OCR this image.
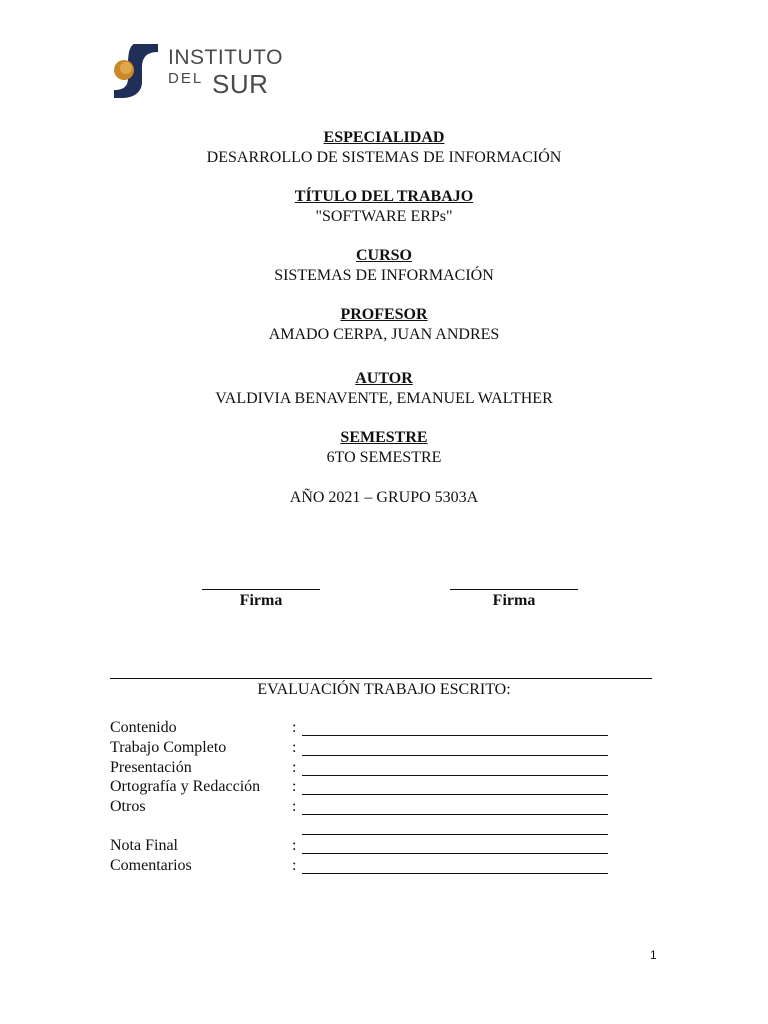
INSTITUTO
DEL SUR
ESPECIALIDAD
DESARROLLO DE SISTEMAS DE INFORMACIÓN
TÍTULO DEL TRABAJO
"SOFTWARE ERPs"
CURSO
SISTEMAS DE INFORMACIÓN
PROFESOR
AMADO CERPA, JUAN ANDRES
AUTOR
VALDIVIA BENAVENTE, EMANUEL WALTHER
SEMESTRE
6TO SEMESTRE
AÑO 2021 – GRUPO 5303A
Firma	Firma
EVALUACIÓN TRABAJO ESCRITO:
Contenido	:
Trabajo Completo	:
Presentación	:
Ortografía y Redacción :
Otros	:
Nota Final	:
Comentarios	:
1
